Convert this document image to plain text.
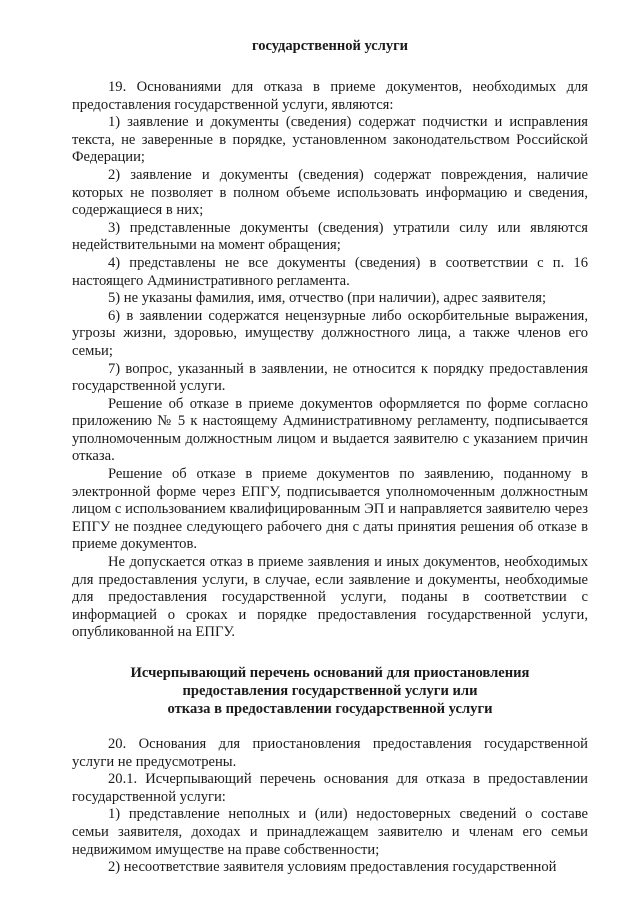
государственной услуги

19. Основаниями для отказа в приеме документов, необходимых для предоставления государственной услуги, являются:

1) заявление и документы (сведения) содержат подчистки и исправления текста, не заверенные в порядке, установленном законодательством Российской Федерации;

2) заявление и документы (сведения) содержат повреждения, наличие которых не позволяет в полном объеме использовать информацию и сведения, содержащиеся в них;

3) представленные документы (сведения) утратили силу или являются недействительными на момент обращения;

4) представлены не все документы (сведения) в соответствии с п. 16 настоящего Административного регламента.

5) не указаны фамилия, имя, отчество (при наличии), адрес заявителя;

6) в заявлении содержатся нецензурные либо оскорбительные выражения, угрозы жизни, здоровью, имуществу должностного лица, а также членов его семьи;

7) вопрос, указанный в заявлении, не относится к порядку предоставления государственной услуги.

Решение об отказе в приеме документов оформляется по форме согласно приложению № 5 к настоящему Административному регламенту, подписывается уполномоченным должностным лицом и выдается заявителю с указанием причин отказа.

Решение об отказе в приеме документов по заявлению, поданному в электронной форме через ЕПГУ, подписывается уполномоченным должностным лицом с использованием квалифицированным ЭП и направляется заявителю через ЕПГУ не позднее следующего рабочего дня с даты принятия решения об отказе в приеме документов.

Не допускается отказ в приеме заявления и иных документов, необходимых для предоставления услуги, в случае, если заявление и документы, необходимые для предоставления государственной услуги, поданы в соответствии с информацией о сроках и порядке предоставления государственной услуги, опубликованной на ЕПГУ.

Исчерпывающий перечень оснований для приостановления
предоставления государственной услуги или
отказа в предоставлении государственной услуги

20. Основания для приостановления предоставления государственной услуги не предусмотрены.

20.1. Исчерпывающий перечень основания для отказа в предоставлении государственной услуги:

1) представление неполных и (или) недостоверных сведений о составе семьи заявителя, доходах и принадлежащем заявителю и членам его семьи недвижимом имуществе на праве собственности;

2) несоответствие заявителя условиям предоставления государственной
